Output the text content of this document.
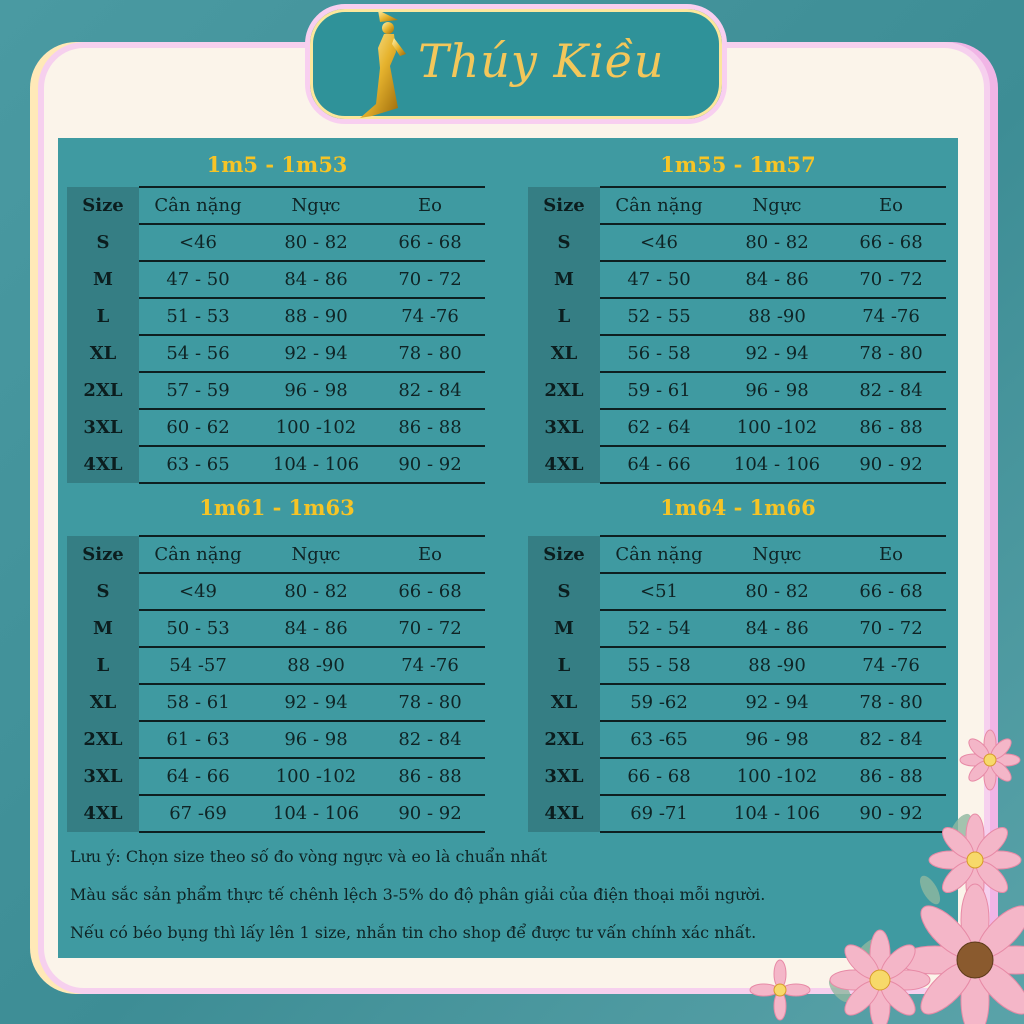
Thúy Kiều
1m5 - 1m53
Size	Cân nặng	Ngực	Eo
S	<46	80 - 82	66 - 68
M	47 - 50	84 - 86	70 - 72
L	51 - 53	88 - 90	74 -76
XL	54 - 56	92 - 94	78 - 80
2XL	57 - 59	96 - 98	82 - 84
3XL	60 - 62	100 -102	86 - 88
4XL	63 - 65	104 - 106	90 - 92
1m55 - 1m57
Size	Cân nặng	Ngực	Eo
S	<46	80 - 82	66 - 68
M	47 - 50	84 - 86	70 - 72
L	52 - 55	88 -90	74 -76
XL	56 - 58	92 - 94	78 - 80
2XL	59 - 61	96 - 98	82 - 84
3XL	62 - 64	100 -102	86 - 88
4XL	64 - 66	104 - 106	90 - 92
1m61 - 1m63
Size	Cân nặng	Ngực	Eo
S	<49	80 - 82	66 - 68
M	50 - 53	84 - 86	70 - 72
L	54 -57	88 -90	74 -76
XL	58 - 61	92 - 94	78 - 80
2XL	61 - 63	96 - 98	82 - 84
3XL	64 - 66	100 -102	86 - 88
4XL	67 -69	104 - 106	90 - 92
1m64 - 1m66
Size	Cân nặng	Ngực	Eo
S	<51	80 - 82	66 - 68
M	52 - 54	84 - 86	70 - 72
L	55 - 58	88 -90	74 -76
XL	59 -62	92 - 94	78 - 80
2XL	63 -65	96 - 98	82 - 84
3XL	66 - 68	100 -102	86 - 88
4XL	69 -71	104 - 106	90 - 92
Lưu ý: Chọn size theo số đo vòng ngực và eo là chuẩn nhất
Màu sắc sản phẩm thực tế chênh lệch 3-5% do độ phân giải của điện thoại mỗi người.
Nếu có béo bụng thì lấy lên 1 size, nhắn tin cho shop để được tư vấn chính xác nhất.
